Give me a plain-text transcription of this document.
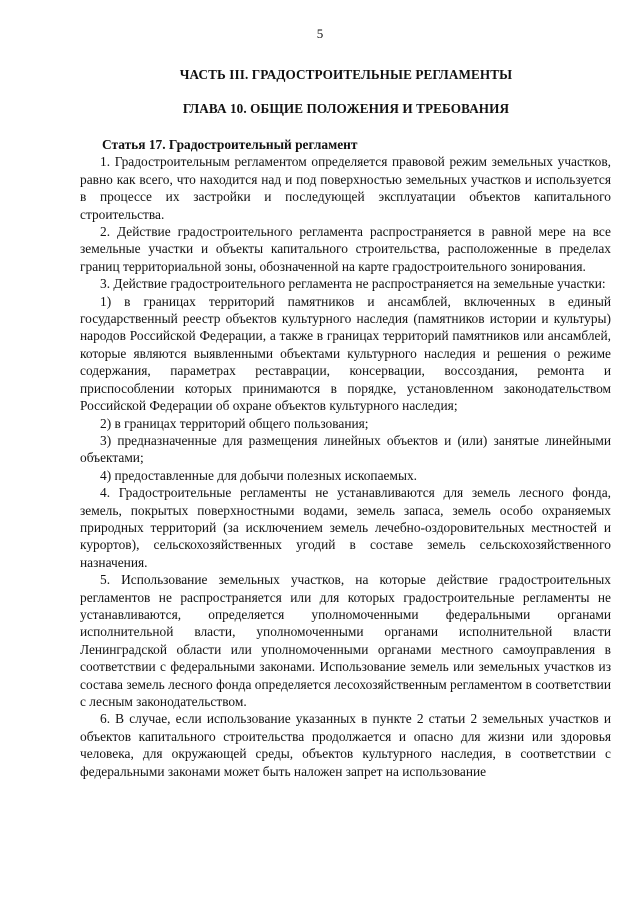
5
ЧАСТЬ III. ГРАДОСТРОИТЕЛЬНЫЕ РЕГЛАМЕНТЫ
ГЛАВА 10. ОБЩИЕ ПОЛОЖЕНИЯ И ТРЕБОВАНИЯ

Статья 17. Градостроительный регламент

1. Градостроительным регламентом определяется правовой режим земельных участков, равно как всего, что находится над и под поверхностью земельных участков и используется в процессе их застройки и последующей эксплуатации объектов капитального строительства.

2. Действие градостроительного регламента распространяется в равной мере на все земельные участки и объекты капитального строительства, расположенные в пределах границ территориальной зоны, обозначенной на карте градостроительного зонирования.

3. Действие градостроительного регламента не распространяется на земельные участки:

1) в границах территорий памятников и ансамблей, включенных в единый государственный реестр объектов культурного наследия (памятников истории и культуры) народов Российской Федерации, а также в границах территорий памятников или ансамблей, которые являются выявленными объектами культурного наследия и решения о режиме содержания, параметрах реставрации, консервации, воссоздания, ремонта и приспособлении которых принимаются в порядке, установленном законодательством Российской Федерации об охране объектов культурного наследия;

2) в границах территорий общего пользования;

3) предназначенные для размещения линейных объектов и (или) занятые линейными объектами;

4) предоставленные для добычи полезных ископаемых.

4. Градостроительные регламенты не устанавливаются для земель лесного фонда, земель, покрытых поверхностными водами, земель запаса, земель особо охраняемых природных территорий (за исключением земель лечебно-оздоровительных местностей и курортов), сельскохозяйственных угодий в составе земель сельскохозяйственного назначения.

5. Использование земельных участков, на которые действие градостроительных регламентов не распространяется или для которых градостроительные регламенты не устанавливаются, определяется уполномоченными федеральными органами исполнительной власти, уполномоченными органами исполнительной власти Ленинградской области или уполномоченными органами местного самоуправления в соответствии с федеральными законами. Использование земель или земельных участков из состава земель лесного фонда определяется лесохозяйственным регламентом в соответствии с лесным законодательством.

6. В случае, если использование указанных в пункте 2 статьи 2 земельных участков и объектов капитального строительства продолжается и опасно для жизни или здоровья человека, для окружающей среды, объектов культурного наследия, в соответствии с федеральными законами может быть наложен запрет на использование
